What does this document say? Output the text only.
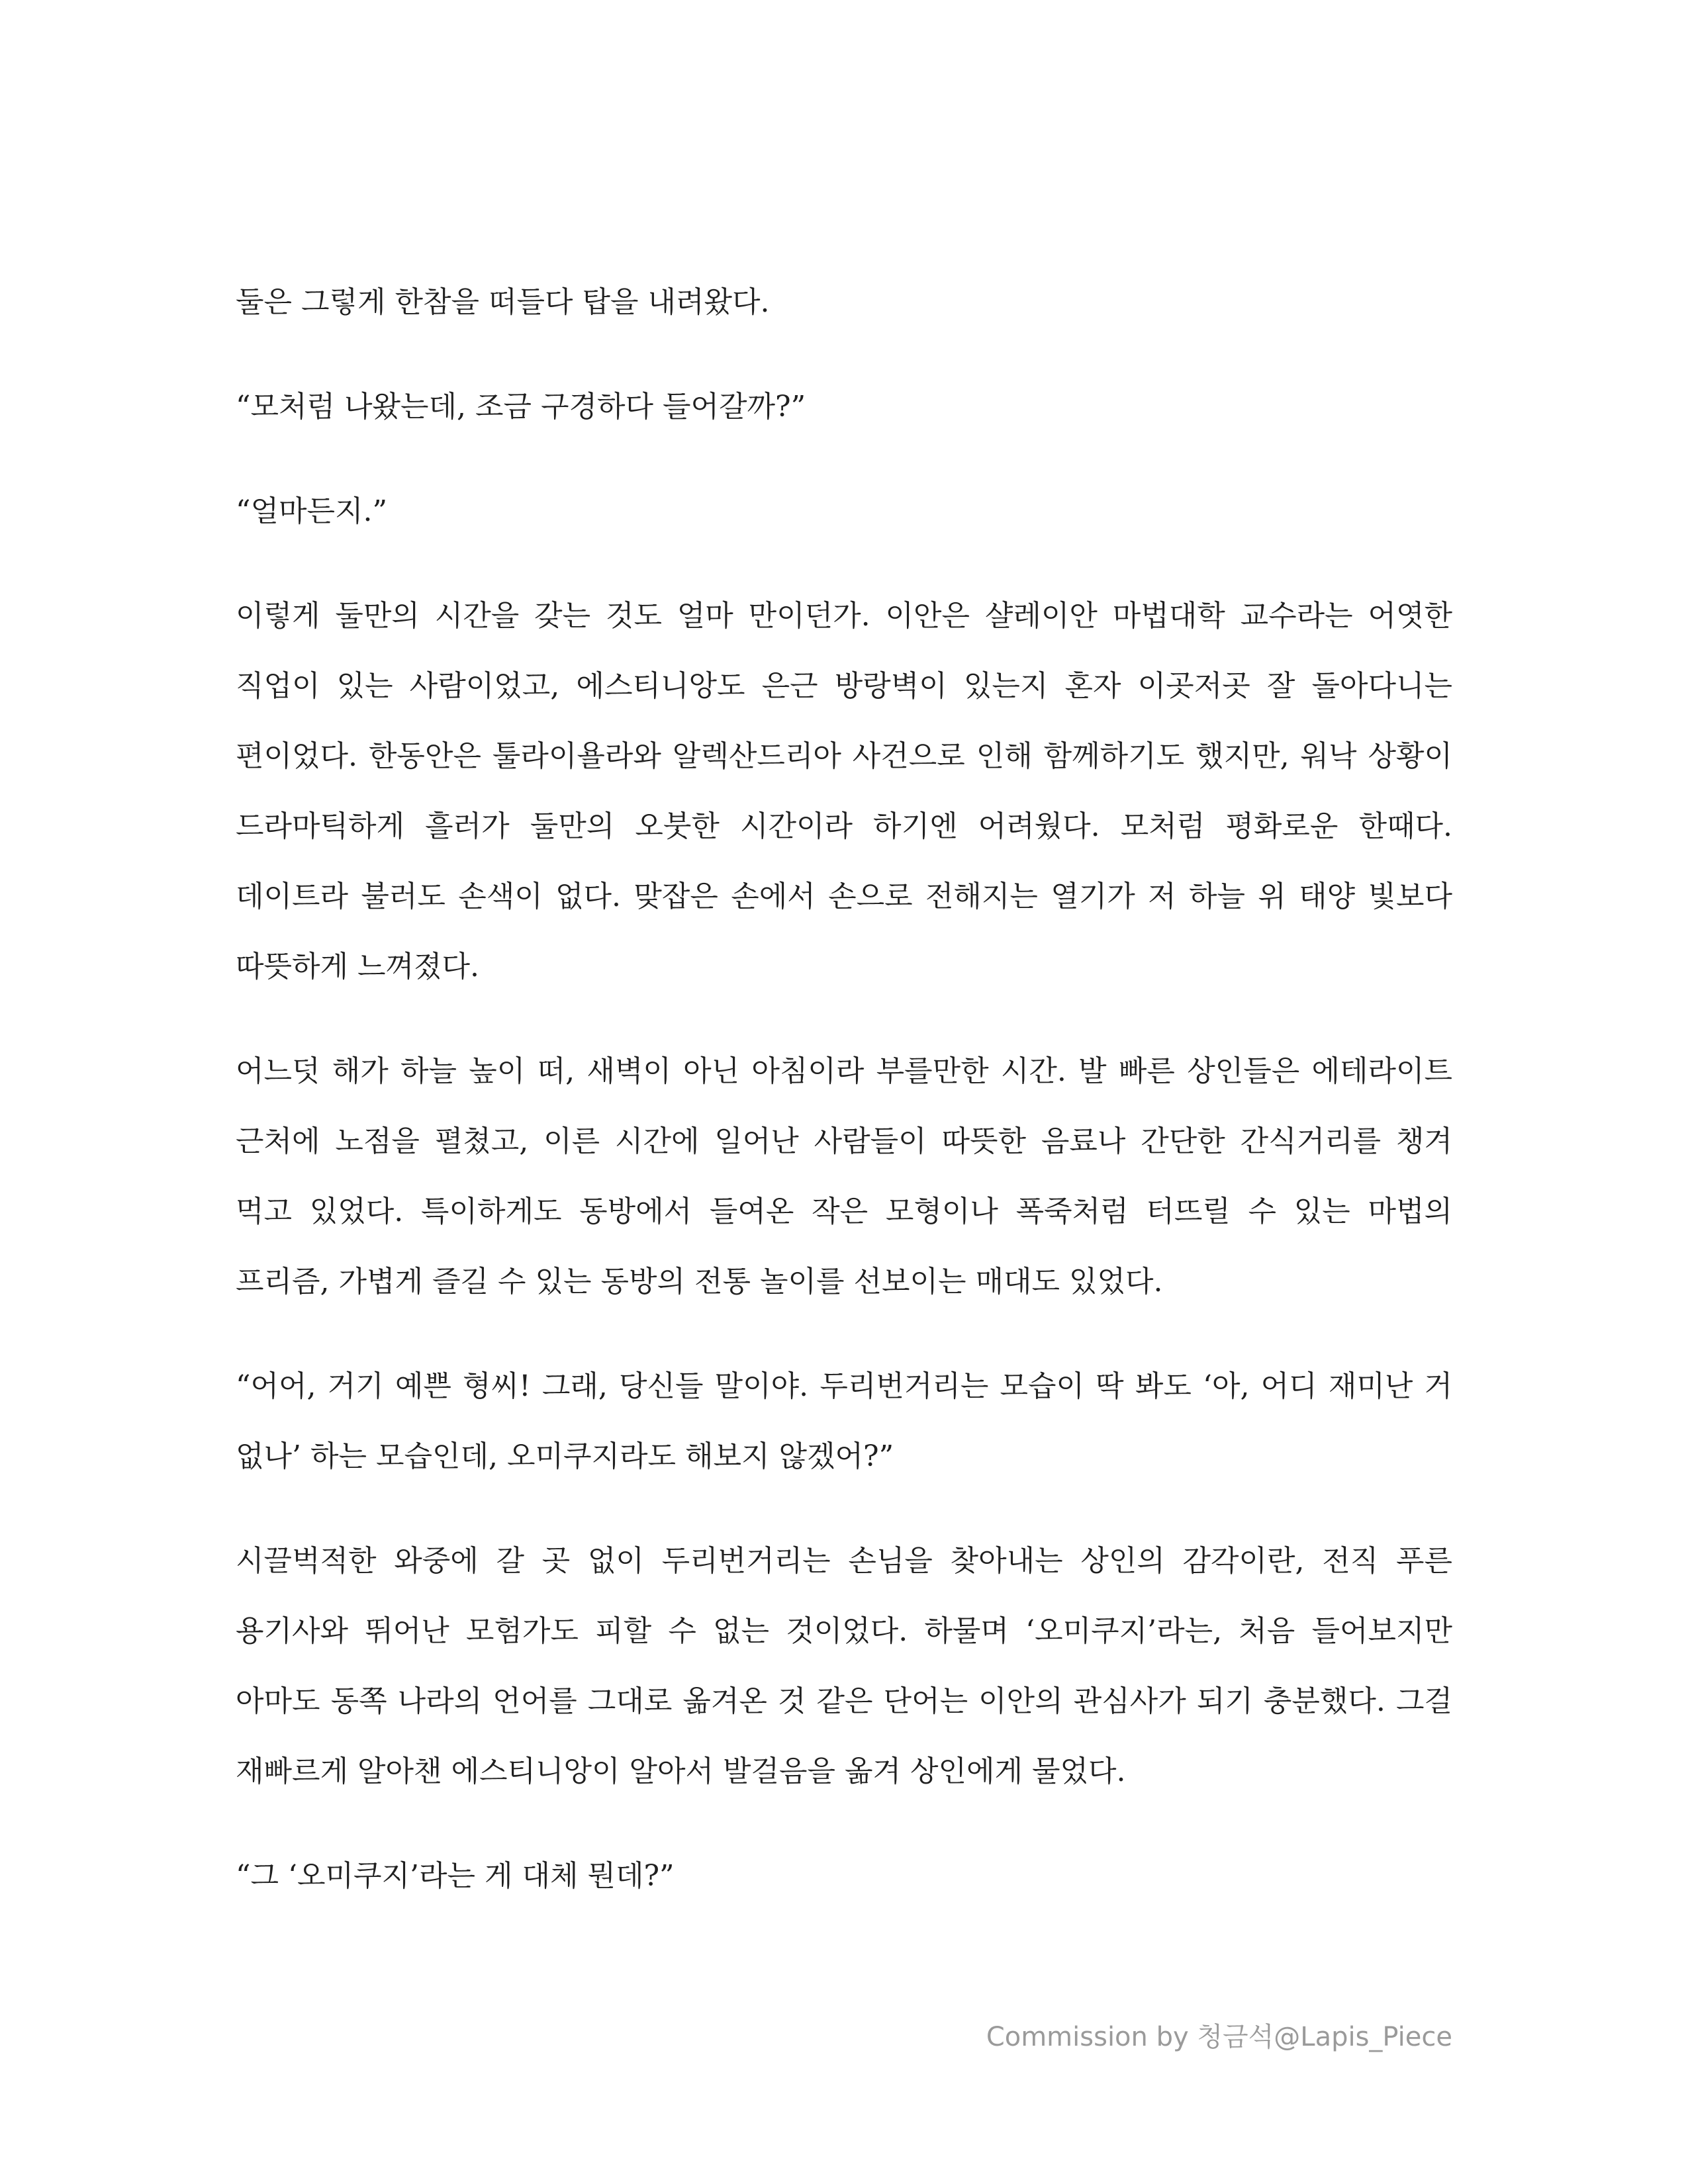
둘은 그렇게 한참을 떠들다 탑을 내려왔다.

“모처럼 나왔는데, 조금 구경하다 들어갈까?”

“얼마든지.”

이렇게 둘만의 시간을 갖는 것도 얼마 만이던가. 이안은 샬레이안 마법대학 교수라는 어엿한 직업이 있는 사람이었고, 에스티니앙도 은근 방랑벽이 있는지 혼자 이곳저곳 잘 돌아다니는 편이었다. 한동안은 툴라이욜라와 알렉산드리아 사건으로 인해 함께하기도 했지만, 워낙 상황이 드라마틱하게 흘러가 둘만의 오붓한 시간이라 하기엔 어려웠다. 모처럼 평화로운 한때다. 데이트라 불러도 손색이 없다. 맞잡은 손에서 손으로 전해지는 열기가 저 하늘 위 태양 빛보다 따뜻하게 느껴졌다.

어느덧 해가 하늘 높이 떠, 새벽이 아닌 아침이라 부를만한 시간. 발 빠른 상인들은 에테라이트 근처에 노점을 펼쳤고, 이른 시간에 일어난 사람들이 따뜻한 음료나 간단한 간식거리를 챙겨 먹고 있었다. 특이하게도 동방에서 들여온 작은 모형이나 폭죽처럼 터뜨릴 수 있는 마법의 프리즘, 가볍게 즐길 수 있는 동방의 전통 놀이를 선보이는 매대도 있었다.

“어어, 거기 예쁜 형씨! 그래, 당신들 말이야. 두리번거리는 모습이 딱 봐도 ‘아, 어디 재미난 거 없나’ 하는 모습인데, 오미쿠지라도 해보지 않겠어?”

시끌벅적한 와중에 갈 곳 없이 두리번거리는 손님을 찾아내는 상인의 감각이란, 전직 푸른 용기사와 뛰어난 모험가도 피할 수 없는 것이었다. 하물며 ‘오미쿠지’라는, 처음 들어보지만 아마도 동쪽 나라의 언어를 그대로 옮겨온 것 같은 단어는 이안의 관심사가 되기 충분했다. 그걸 재빠르게 알아챈 에스티니앙이 알아서 발걸음을 옮겨 상인에게 물었다.

“그 ‘오미쿠지’라는 게 대체 뭔데?”

Commission by 청금석@Lapis_Piece
